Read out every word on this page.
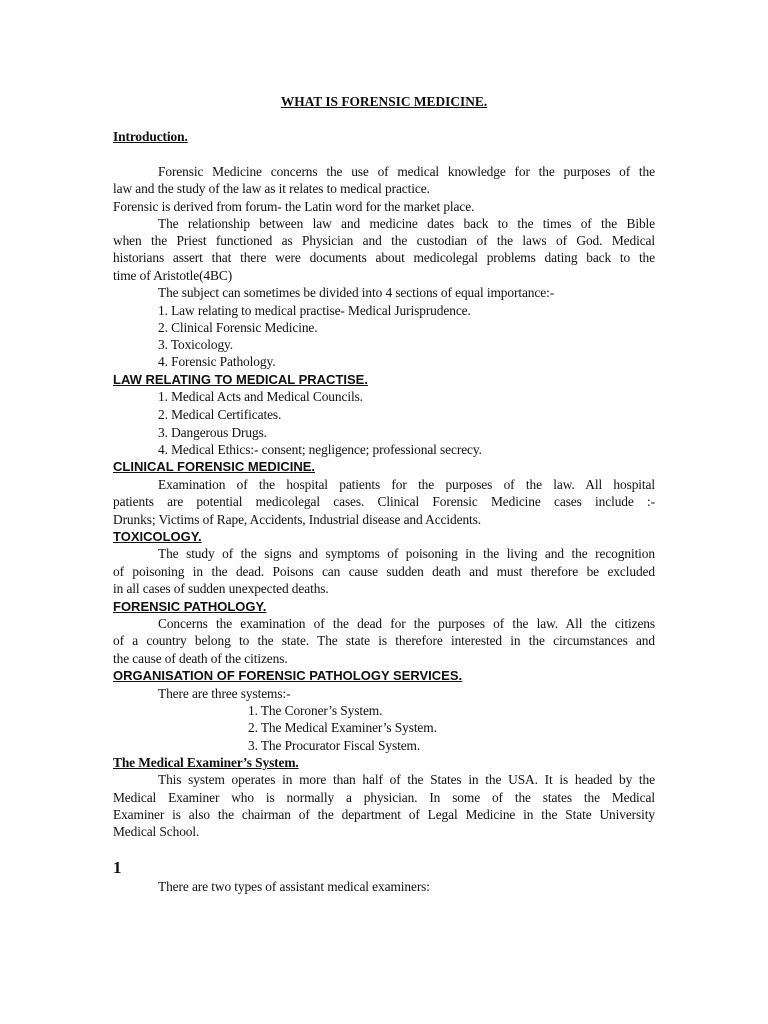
WHAT IS FORENSIC MEDICINE.
Introduction.
Forensic Medicine concerns the use of medical knowledge for the purposes of the
law and the study of the law as it relates to medical practice.
Forensic is derived from forum- the Latin word for the market place.
The relationship between law and medicine dates back to the times of the Bible
when the Priest functioned as Physician and the custodian of the laws of God. Medical
historians assert that there were documents about medicolegal problems dating back to the
time of Aristotle(4BC)
The subject can sometimes be divided into 4 sections of equal importance:-
1. Law relating to medical practise- Medical Jurisprudence.
2. Clinical Forensic Medicine.
3. Toxicology.
4. Forensic Pathology.
LAW RELATING TO MEDICAL PRACTISE.
1. Medical Acts and Medical Councils.
2. Medical Certificates.
3. Dangerous Drugs.
4. Medical Ethics:- consent; negligence; professional secrecy.
CLINICAL FORENSIC MEDICINE.
Examination of the hospital patients for the purposes of the law. All hospital
patients are potential medicolegal cases. Clinical Forensic Medicine cases include :-
Drunks; Victims of Rape, Accidents, Industrial disease and Accidents.
TOXICOLOGY.
The study of the signs and symptoms of poisoning in the living and the recognition
of poisoning in the dead. Poisons can cause sudden death and must therefore be excluded
in all cases of sudden unexpected deaths.
FORENSIC PATHOLOGY.
Concerns the examination of the dead for the purposes of the law. All the citizens
of a country belong to the state. The state is therefore interested in the circumstances and
the cause of death of the citizens.
ORGANISATION OF FORENSIC PATHOLOGY SERVICES.
There are three systems:-
1. The Coroner’s System.
2. The Medical Examiner’s System.
3. The Procurator Fiscal System.
The Medical Examiner’s System.
This system operates in more than half of the States in the USA. It is headed by the
Medical Examiner who is normally a physician. In some of the states the Medical
Examiner is also the chairman of the department of Legal Medicine in the State University
Medical School.
1
There are two types of assistant medical examiners:
